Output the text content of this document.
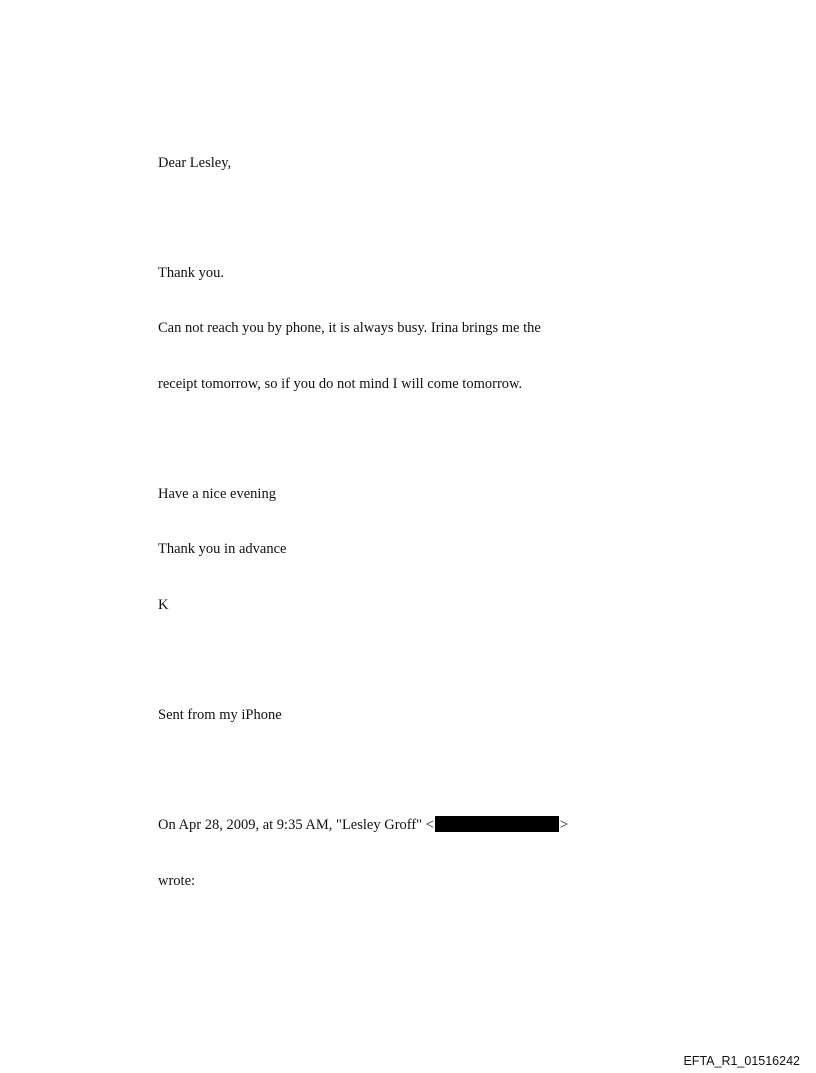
Dear Lesley,
Thank you.
Can not reach you by phone, it is always busy. Irina brings me the
receipt tomorrow, so if you do not mind I will come tomorrow.
Have a nice evening
Thank you in advance
K
Sent from my iPhone
On Apr 28, 2009, at 9:35 AM, "Lesley Groff" <	>
wrote:
EFTA_R1_01516242
